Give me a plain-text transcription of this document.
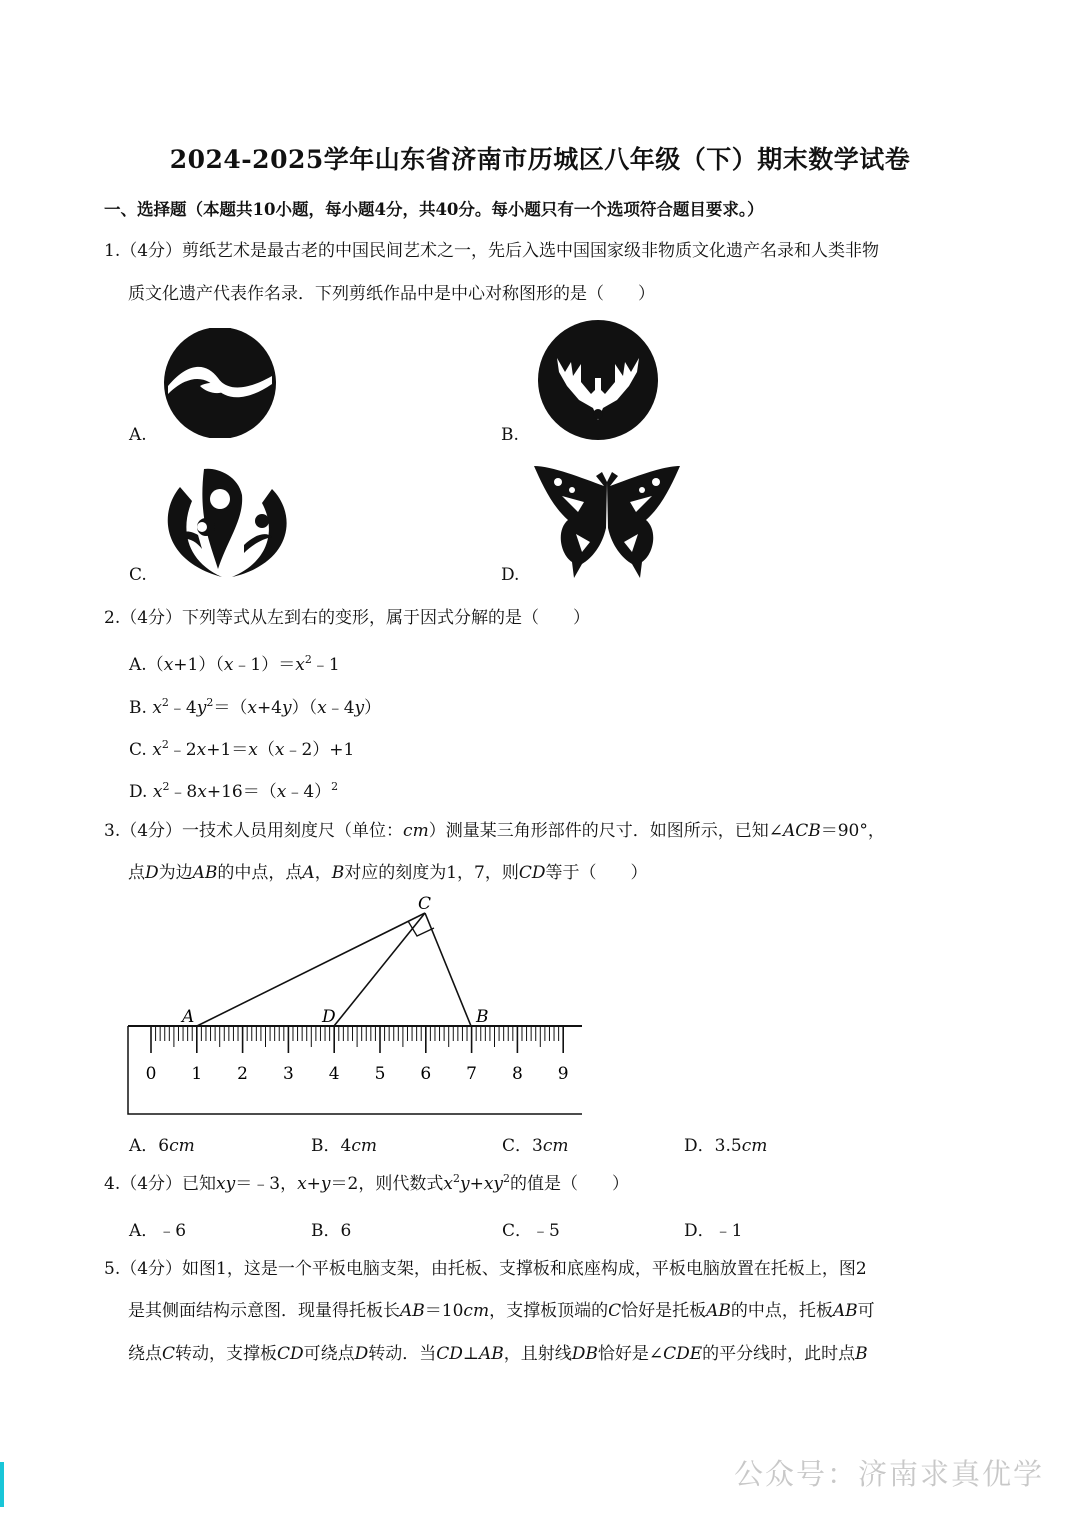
2024-2025学年山东省济南市历城区八年级（下）期末数学试卷
一、选择题（本题共10小题，每小题4分，共40分。每小题只有一个选项符合题目要求。）
1.（4分）剪纸艺术是最古老的中国民间艺术之一，先后入选中国国家级非物质文化遗产名录和人类非物
质文化遗产代表作名录．下列剪纸作品中是中心对称图形的是（　　）
A.	B.
C.	D.
2.（4分）下列等式从左到右的变形，属于因式分解的是（　　）
$A.(x+1)(x﹣1)=x^2﹣1$
B. $x^2﹣4y^2=(x+4y)(x﹣4y)$
C. $x^2﹣2x+1=x(x﹣2)+1$
D. $x^2﹣8x+16=(x﹣4)^2$
3.（4分）一技术人员用刻度尺（单位：cm）测量某三角形部件的尺寸．如图所示，已知∠ACB＝90°，
点D为边AB的中点，点A，B对应的刻度为1，7，则CD等于（　　）
C
A	D	B
0 1 2 3 4 5 6 7 8 9
A．6cm	B．4cm	C．3cm	D．3.5cm
4.（4分）已知xy＝﹣3，x+y＝2，则代数式$x^2y+xy^2$的值是（　　）
A．﹣6	B．6	C．﹣5	D．﹣1
5.（4分）如图1，这是一个平板电脑支架，由托板、支撑板和底座构成，平板电脑放置在托板上，图2
是其侧面结构示意图．现量得托板长AB＝10cm，支撑板顶端的C恰好是托板AB的中点，托板AB可
绕点C转动，支撑板CD可绕点D转动．当CD⊥AB，且射线DB恰好是∠CDE的平分线时，此时点B
公众号：济南求真优学
